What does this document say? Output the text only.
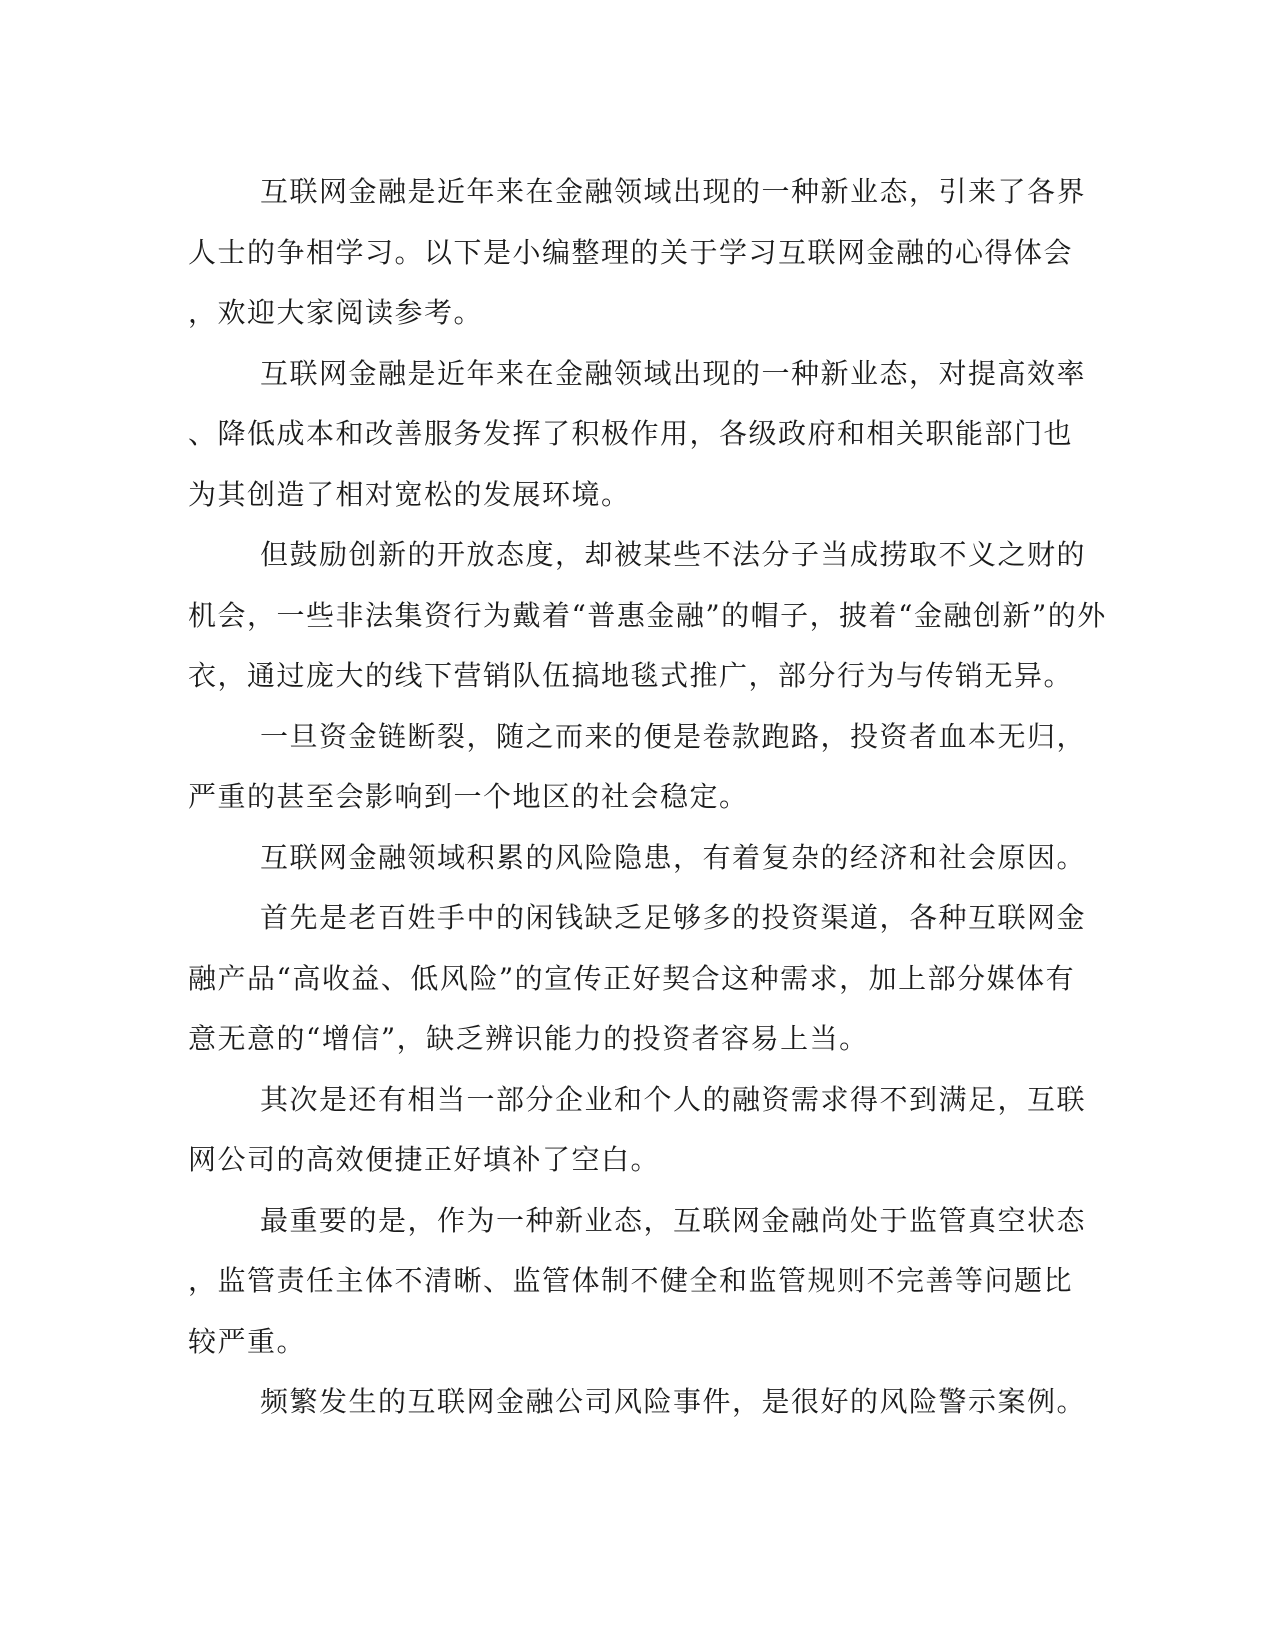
互联网金融是近年来在金融领域出现的一种新业态，引来了各界
人士的争相学习。以下是小编整理的关于学习互联网金融的心得体会
，欢迎大家阅读参考。
互联网金融是近年来在金融领域出现的一种新业态，对提高效率
、降低成本和改善服务发挥了积极作用，各级政府和相关职能部门也
为其创造了相对宽松的发展环境。
但鼓励创新的开放态度，却被某些不法分子当成捞取不义之财的
机会，一些非法集资行为戴着“普惠金融”的帽子，披着“金融创新”的外
衣，通过庞大的线下营销队伍搞地毯式推广，部分行为与传销无异。
一旦资金链断裂，随之而来的便是卷款跑路，投资者血本无归，
严重的甚至会影响到一个地区的社会稳定。
互联网金融领域积累的风险隐患，有着复杂的经济和社会原因。
首先是老百姓手中的闲钱缺乏足够多的投资渠道，各种互联网金
融产品“高收益、低风险”的宣传正好契合这种需求，加上部分媒体有
意无意的“增信”，缺乏辨识能力的投资者容易上当。
其次是还有相当一部分企业和个人的融资需求得不到满足，互联
网公司的高效便捷正好填补了空白。
最重要的是，作为一种新业态，互联网金融尚处于监管真空状态
，监管责任主体不清晰、监管体制不健全和监管规则不完善等问题比
较严重。
频繁发生的互联网金融公司风险事件，是很好的风险警示案例。
